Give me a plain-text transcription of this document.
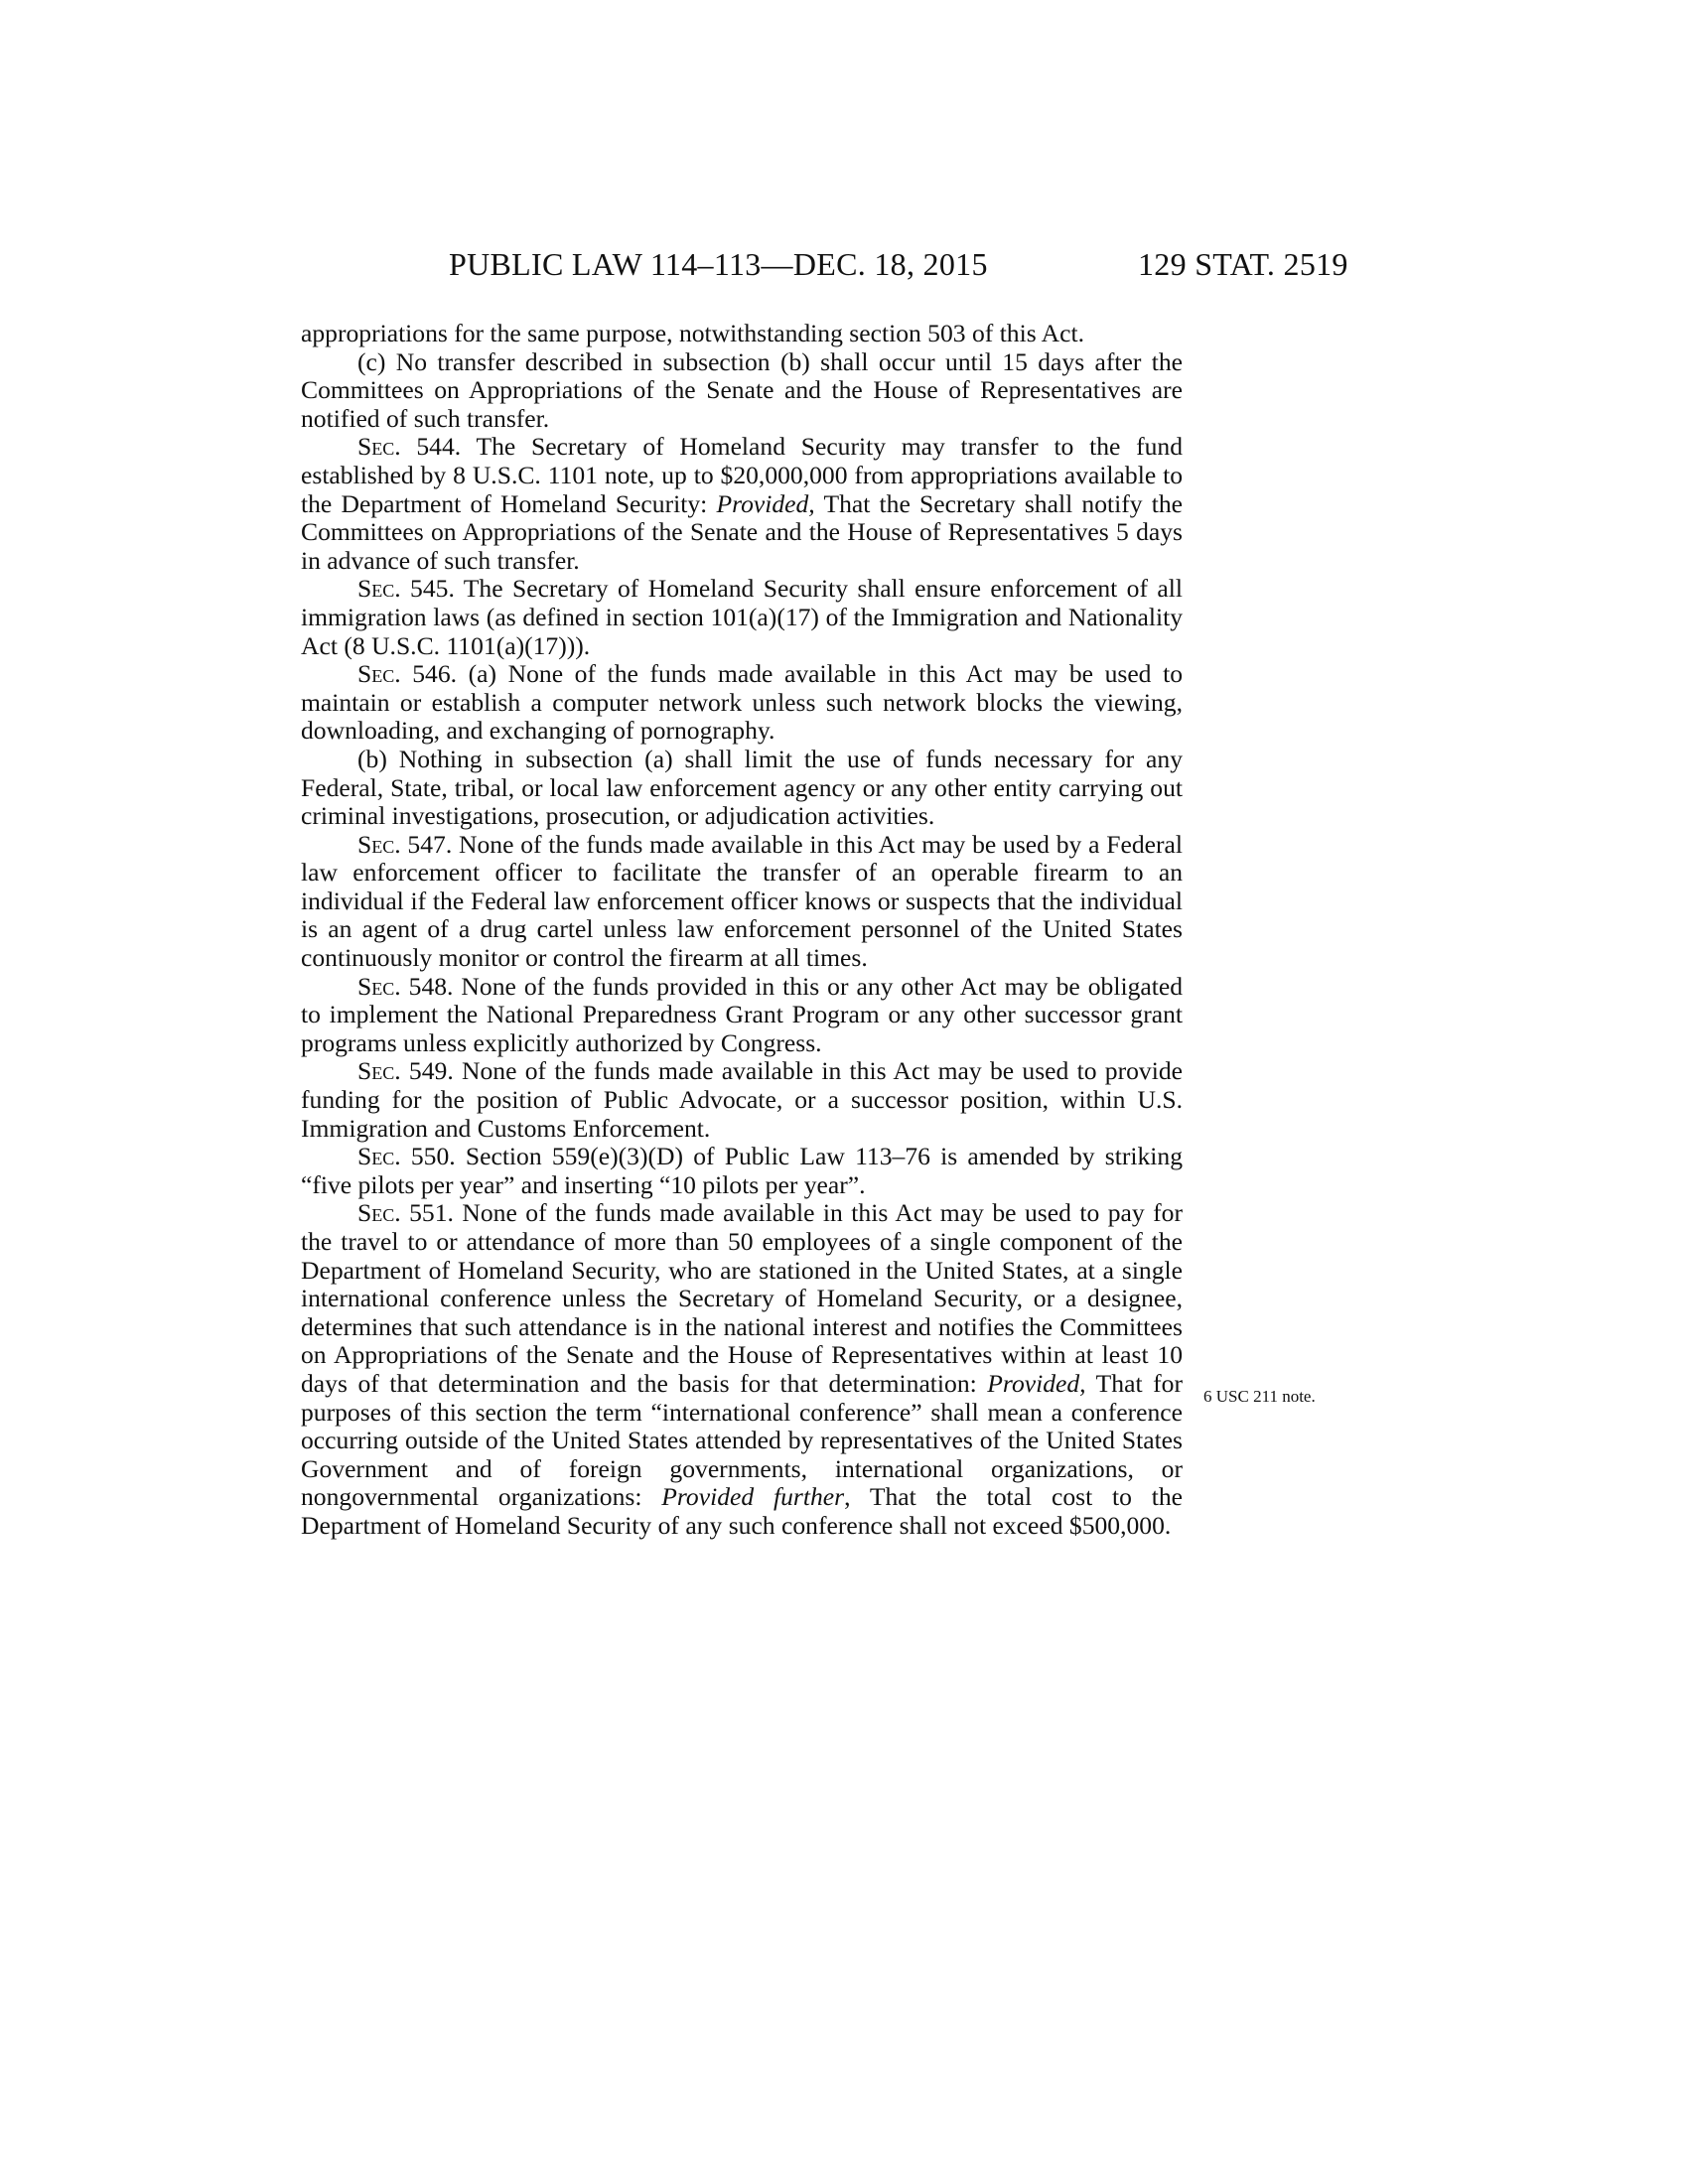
PUBLIC LAW 114–113—DEC. 18, 2015	129 STAT. 2519

appropriations for the same purpose, notwithstanding section 503 of this Act.

(c) No transfer described in subsection (b) shall occur until 15 days after the Committees on Appropriations of the Senate and the House of Representatives are notified of such transfer.

Sec. 544. The Secretary of Homeland Security may transfer to the fund established by 8 U.S.C. 1101 note, up to $20,000,000 from appropriations available to the Department of Homeland Security: Provided, That the Secretary shall notify the Committees on Appropriations of the Senate and the House of Representatives 5 days in advance of such transfer.

Sec. 545. The Secretary of Homeland Security shall ensure enforcement of all immigration laws (as defined in section 101(a)(17) of the Immigration and Nationality Act (8 U.S.C. 1101(a)(17))).

Sec. 546. (a) None of the funds made available in this Act may be used to maintain or establish a computer network unless such network blocks the viewing, downloading, and exchanging of pornography.

(b) Nothing in subsection (a) shall limit the use of funds necessary for any Federal, State, tribal, or local law enforcement agency or any other entity carrying out criminal investigations, prosecution, or adjudication activities.

Sec. 547. None of the funds made available in this Act may be used by a Federal law enforcement officer to facilitate the transfer of an operable firearm to an individual if the Federal law enforcement officer knows or suspects that the individual is an agent of a drug cartel unless law enforcement personnel of the United States continuously monitor or control the firearm at all times.

Sec. 548. None of the funds provided in this or any other Act may be obligated to implement the National Preparedness Grant Program or any other successor grant programs unless explicitly authorized by Congress.

Sec. 549. None of the funds made available in this Act may be used to provide funding for the position of Public Advocate, or a successor position, within U.S. Immigration and Customs Enforcement.

Sec. 550. Section 559(e)(3)(D) of Public Law 113–76 is amended by striking “five pilots per year” and inserting “10 pilots per year”.

Sec. 551. None of the funds made available in this Act may be used to pay for the travel to or attendance of more than 50 employees of a single component of the Department of Homeland Security, who are stationed in the United States, at a single international conference unless the Secretary of Homeland Security, or a designee, determines that such attendance is in the national interest and notifies the Committees on Appropriations of the Senate and the House of Representatives within at least 10 days of that determination and the basis for that determination: Provided, That for purposes of this section the term “international conference” shall mean a conference occurring outside of the United States attended by representatives of the United States Government and of foreign governments, international organizations, or nongovernmental organizations: Provided further, That the total cost to the Department of Homeland Security of any such conference shall not exceed $500,000.

6 USC 211 note.
